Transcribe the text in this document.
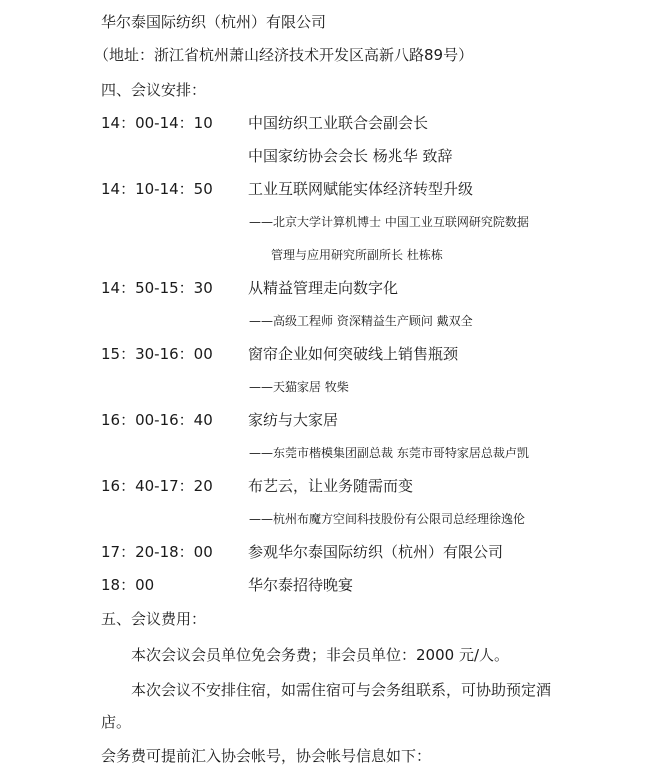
华尔泰国际纺织（杭州）有限公司
（地址：浙江省杭州萧山经济技术开发区高新八路89号）
四、会议安排：
14：00-14：10 中国纺织工业联合会副会长
中国家纺协会会长 杨兆华 致辞
14：10-14：50 工业互联网赋能实体经济转型升级
——北京大学计算机博士 中国工业互联网研究院数据
管理与应用研究所副所长 杜栋栋
14：50-15：30 从精益管理走向数字化
——高级工程师 资深精益生产顾问 戴双全
15：30-16：00 窗帘企业如何突破线上销售瓶颈
——天猫家居 牧柴
16：00-16：40 家纺与大家居
——东莞市楷模集团副总裁 东莞市哥特家居总裁卢凯
16：40-17：20 布艺云，让业务随需而变
——杭州布魔方空间科技股份有公限司总经理徐逸伦
17：20-18：00 参观华尔泰国际纺织（杭州）有限公司
18：00	华尔泰招待晚宴
五、会议费用：
本次会议会员单位免会务费；非会员单位：2000 元/人。
本次会议不安排住宿，如需住宿可与会务组联系，可协助预定酒
店。
会务费可提前汇入协会帐号，协会帐号信息如下：
